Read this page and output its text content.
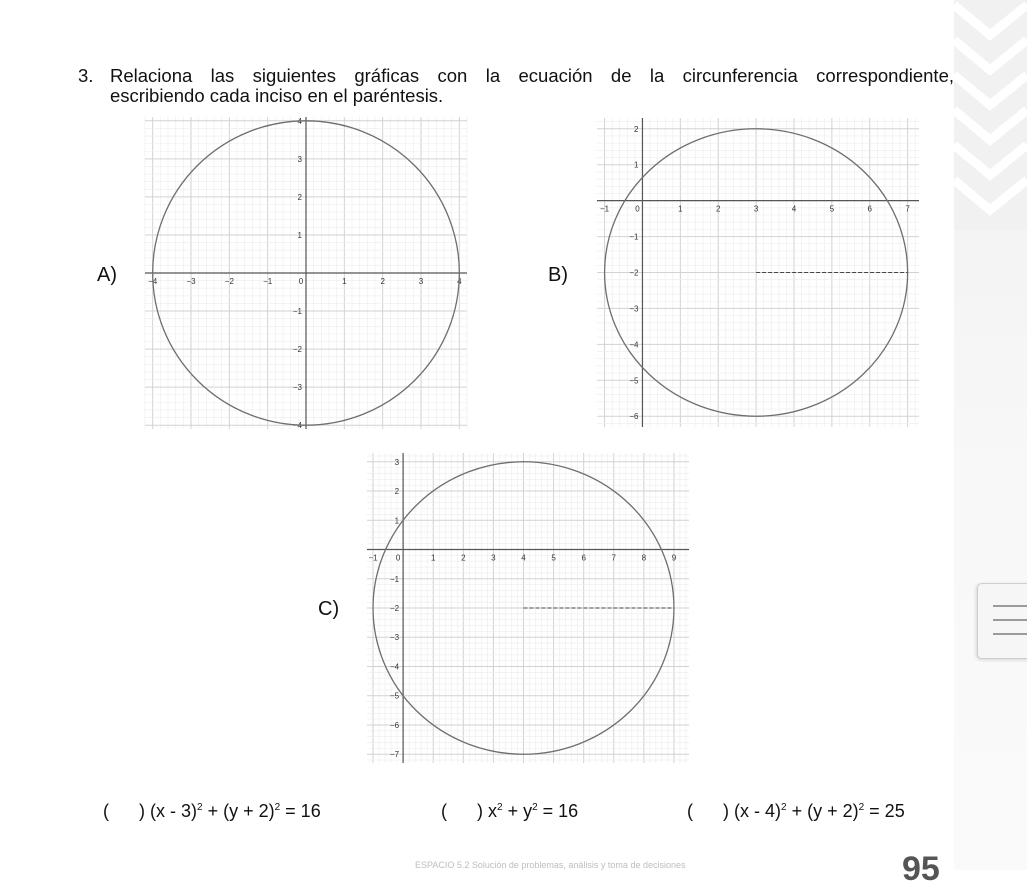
3. Relaciona las siguientes gráficas con la ecuación de la circunferencia correspondiente,
escribiendo cada inciso en el paréntesis.
A)	B)
C)
−4	−3	−2	−1	0	1	2	3	4
4
3
2
1
−1
−2
−3
−4
−1	0	1	2	3	4	5	6	7
2
1
−1
−2
−3
−4
−5
−6
−1 0	1	2	3	4	5	6	7	8	9
3
2
1
−1
−2
−3
−4
−5
−6
−7
( ) $(x - 3)^2 + (y + 2)^2 = 16$	( ) $x^2 + y^2 = 16$	( ) $(x - 4)^2 + (y + 2)^2 = 25$
ESPACIO 5.2 Solución de problemas, análisis y toma de decisiones	95
